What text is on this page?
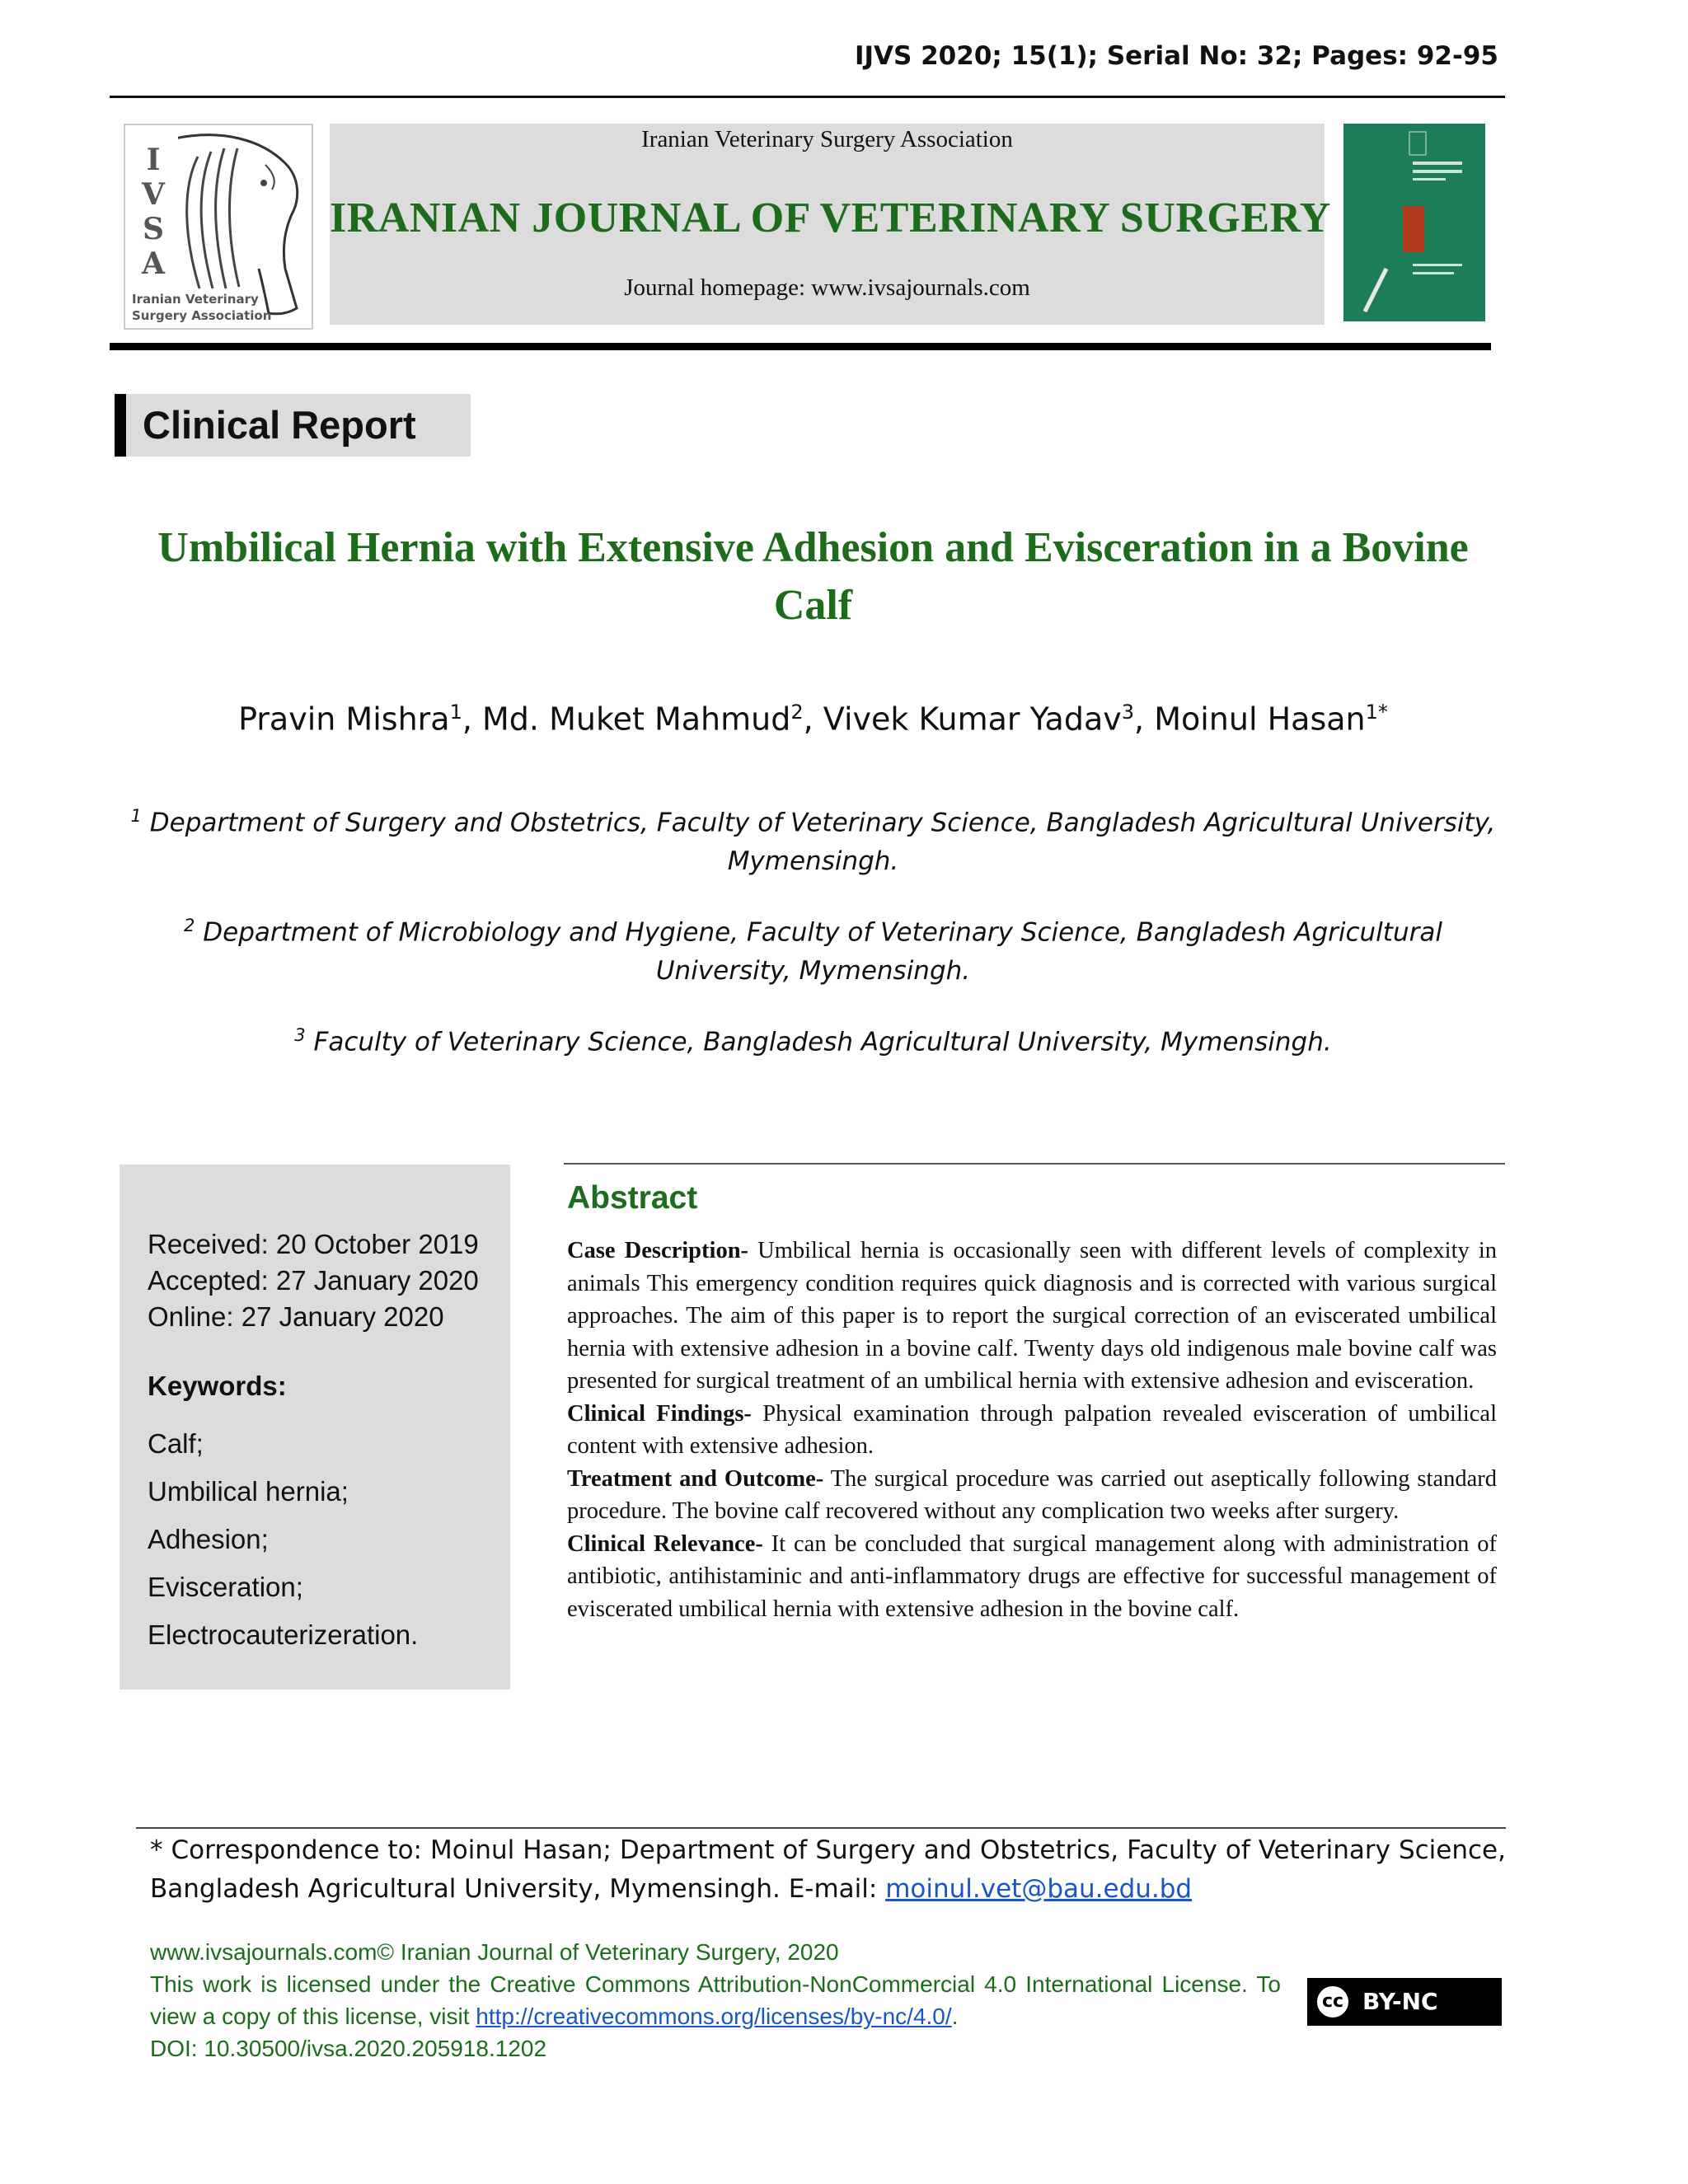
IJVS 2020; 15(1); Serial No: 32; Pages: 92-95
I
V
S
A
Iranian Veterinary
Surgery Association
Iranian Veterinary Surgery Association
IRANIAN JOURNAL OF VETERINARY SURGERY
Journal homepage: www.ivsajournals.com
Clinical Report
Umbilical Hernia with Extensive Adhesion and Evisceration in a Bovine Calf
Pravin Mishra$^1$, Md. Muket Mahmud$^2$, Vivek Kumar Yadav$^3$, Moinul Hasan$^{1*}$
$^1$ Department of Surgery and Obstetrics, Faculty of Veterinary Science, Bangladesh Agricultural University, Mymensingh.
$^2$ Department of Microbiology and Hygiene, Faculty of Veterinary Science, Bangladesh Agricultural University, Mymensingh.
$^3$ Faculty of Veterinary Science, Bangladesh Agricultural University, Mymensingh.
Received: 20 October 2019
Accepted: 27 January 2020
Online: 27 January 2020
Keywords:
Calf;
Umbilical hernia;
Adhesion;
Evisceration;
Electrocauterizeration.
Abstract

Case Description- Umbilical hernia is occasionally seen with different levels of complexity in animals This emergency condition requires quick diagnosis and is corrected with various surgical approaches. The aim of this paper is to report the surgical correction of an eviscerated umbilical hernia with extensive adhesion in a bovine calf. Twenty days old indigenous male bovine calf was presented for surgical treatment of an umbilical hernia with extensive adhesion and evisceration.

Clinical Findings- Physical examination through palpation revealed evisceration of umbilical content with extensive adhesion.

Treatment and Outcome- The surgical procedure was carried out aseptically following standard procedure. The bovine calf recovered without any complication two weeks after surgery.

Clinical Relevance- It can be concluded that surgical management along with administration of antibiotic, antihistaminic and anti-inflammatory drugs are effective for successful management of eviscerated umbilical hernia with extensive adhesion in the bovine calf.

* Correspondence to: Moinul Hasan; Department of Surgery and Obstetrics, Faculty of Veterinary Science, Bangladesh Agricultural University, Mymensingh. E-mail: moinul.vet@bau.edu.bd

www.ivsajournals.com© Iranian Journal of Veterinary Surgery, 2020

This work is licensed under the Creative Commons Attribution-NonCommercial 4.0 International License. To view a copy of this license, visit http://creativecommons.org/licenses/by-nc/4.0/.

DOI: 10.30500/ivsa.2020.205918.1202

cc BY-NC
